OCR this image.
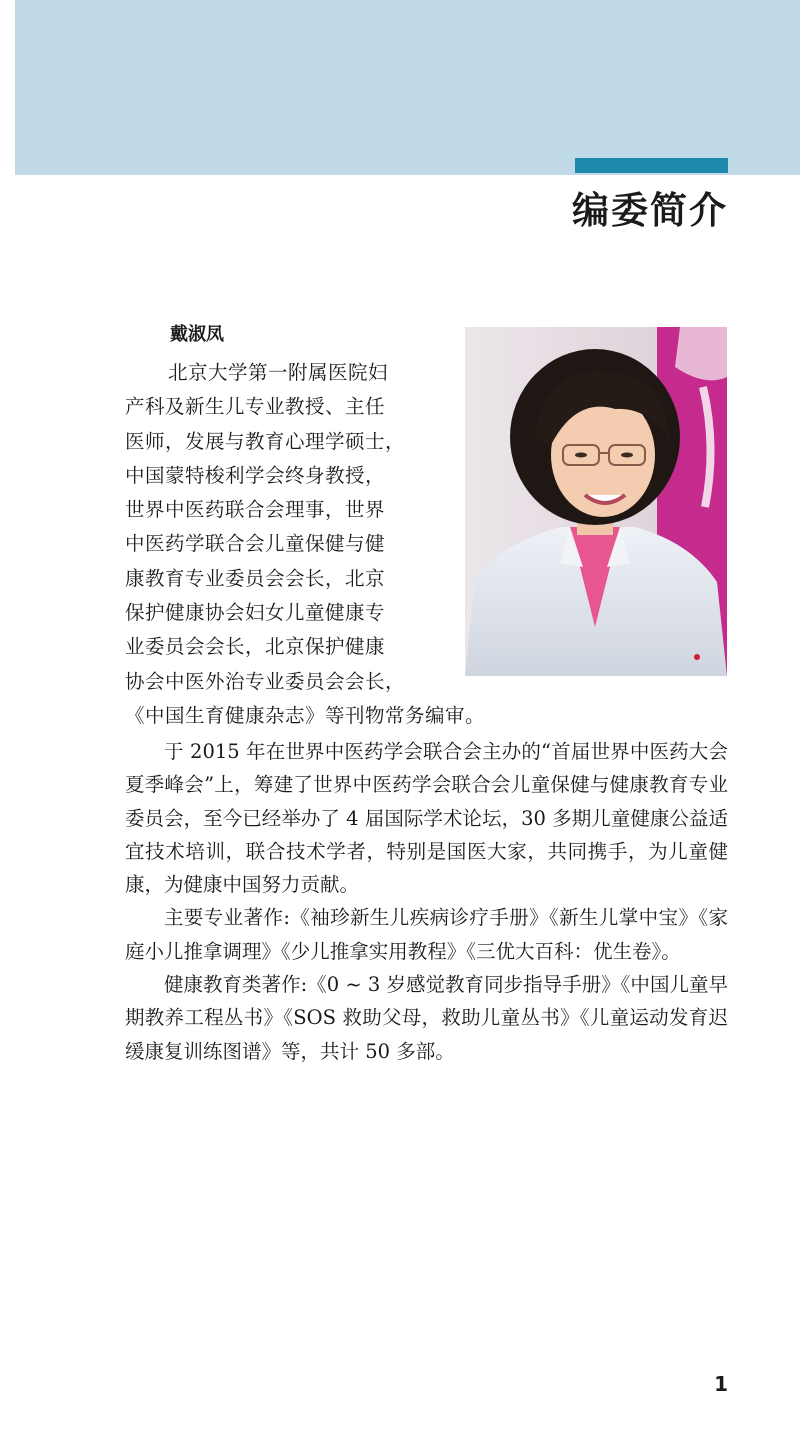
编委简介

戴淑凤

北京大学第一附属医院妇
产科及新生儿专业教授、主任
医师，发展与教育心理学硕士，
中国蒙特梭利学会终身教授，
世界中医药联合会理事，世界
中医药学联合会儿童保健与健
康教育专业委员会会长，北京
保护健康协会妇女儿童健康专
业委员会会长，北京保护健康
协会中医外治专业委员会会长，
《中国生育健康杂志》等刊物常务编审。

于 2015 年在世界中医药学会联合会主办的“首届世界中医药大会夏季峰会”上，筹建了世界中医药学会联合会儿童保健与健康教育专业委员会，至今已经举办了 4 届国际学术论坛，30 多期儿童健康公益适宜技术培训，联合技术学者，特别是国医大家，共同携手，为儿童健康，为健康中国努力贡献。

主要专业著作:《袖珍新生儿疾病诊疗手册》《新生儿掌中宝》《家庭小儿推拿调理》《少儿推拿实用教程》《三优大百科：优生卷》。

健康教育类著作:《0 ~ 3 岁感觉教育同步指导手册》《中国儿童早期教养工程丛书》《SOS 救助父母，救助儿童丛书》《儿童运动发育迟缓康复训练图谱》等，共计 50 多部。

1
